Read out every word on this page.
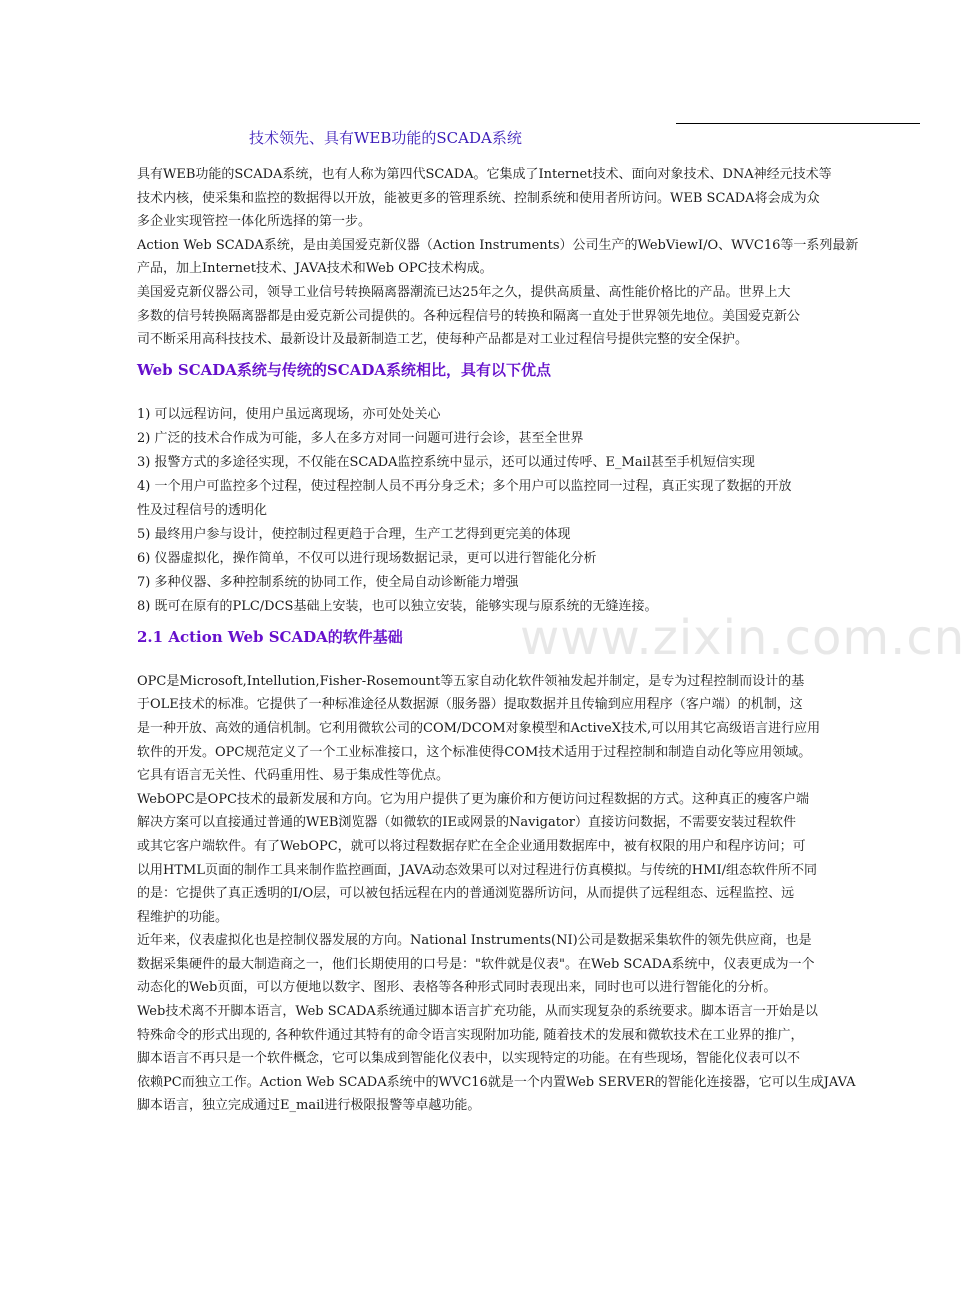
技术领先、具有WEB功能的SCADA系统
www.zixin.com.cn

具有WEB功能的SCADA系统，也有人称为第四代SCADA。它集成了Internet技术、面向对象技术、DNA神经元技术等

技术内核，使采集和监控的数据得以开放，能被更多的管理系统、控制系统和使用者所访问。WEB SCADA将会成为众

多企业实现管控一体化所选择的第一步。

Action Web SCADA系统，是由美国爱克新仪器（Action Instruments）公司生产的WebViewI/O、WVC16等一系列最新

产品，加上Internet技术、JAVA技术和Web OPC技术构成。

美国爱克新仪器公司，领导工业信号转换隔离器潮流已达25年之久，提供高质量、高性能价格比的产品。世界上大

多数的信号转换隔离器都是由爱克新公司提供的。各种远程信号的转换和隔离一直处于世界领先地位。美国爱克新公

司不断采用高科技技术、最新设计及最新制造工艺，使每种产品都是对工业过程信号提供完整的安全保护。

Web SCADA系统与传统的SCADA系统相比，具有以下优点

1) 可以远程访问，使用户虽远离现场，亦可处处关心

2) 广泛的技术合作成为可能，多人在多方对同一问题可进行会诊，甚至全世界

3) 报警方式的多途径实现，不仅能在SCADA监控系统中显示，还可以通过传呼、E_Mail甚至手机短信实现

4) 一个用户可监控多个过程，使过程控制人员不再分身乏术；多个用户可以监控同一过程，真正实现了数据的开放

性及过程信号的透明化

5) 最终用户参与设计，使控制过程更趋于合理，生产工艺得到更完美的体现

6) 仪器虚拟化，操作简单，不仅可以进行现场数据记录，更可以进行智能化分析

7) 多种仪器、多种控制系统的协同工作，使全局自动诊断能力增强

8) 既可在原有的PLC/DCS基础上安装，也可以独立安装，能够实现与原系统的无缝连接。

2.1 Action Web SCADA的软件基础

OPC是Microsoft,Intellution,Fisher-Rosemount等五家自动化软件领袖发起并制定，是专为过程控制而设计的基

于OLE技术的标准。它提供了一种标准途径从数据源（服务器）提取数据并且传输到应用程序（客户端）的机制，这

是一种开放、高效的通信机制。它利用微软公司的COM/DCOM对象模型和ActiveX技术,可以用其它高级语言进行应用

软件的开发。OPC规范定义了一个工业标准接口，这个标准使得COM技术适用于过程控制和制造自动化等应用领域。

它具有语言无关性、代码重用性、易于集成性等优点。

WebOPC是OPC技术的最新发展和方向。它为用户提供了更为廉价和方便访问过程数据的方式。这种真正的瘦客户端

解决方案可以直接通过普通的WEB浏览器（如微软的IE或网景的Navigator）直接访问数据，不需要安装过程软件

或其它客户端软件。有了WebOPC，就可以将过程数据存贮在全企业通用数据库中，被有权限的用户和程序访问；可

以用HTML页面的制作工具来制作监控画面，JAVA动态效果可以对过程进行仿真模拟。与传统的HMI/组态软件所不同

的是：它提供了真正透明的I/O层，可以被包括远程在内的普通浏览器所访问，从而提供了远程组态、远程监控、远

程维护的功能。

近年来，仪表虚拟化也是控制仪器发展的方向。National Instruments(NI)公司是数据采集软件的领先供应商，也是

数据采集硬件的最大制造商之一，他们长期使用的口号是："软件就是仪表"。在Web SCADA系统中，仪表更成为一个

动态化的Web页面，可以方便地以数字、图形、表格等各种形式同时表现出来，同时也可以进行智能化的分析。

Web技术离不开脚本语言，Web SCADA系统通过脚本语言扩充功能，从而实现复杂的系统要求。脚本语言一开始是以

特殊命令的形式出现的, 各种软件通过其特有的命令语言实现附加功能, 随着技术的发展和微软技术在工业界的推广，

脚本语言不再只是一个软件概念，它可以集成到智能化仪表中，以实现特定的功能。在有些现场，智能化仪表可以不

依赖PC而独立工作。Action Web SCADA系统中的WVC16就是一个内置Web SERVER的智能化连接器，它可以生成JAVA

脚本语言，独立完成通过E_mail进行极限报警等卓越功能。
